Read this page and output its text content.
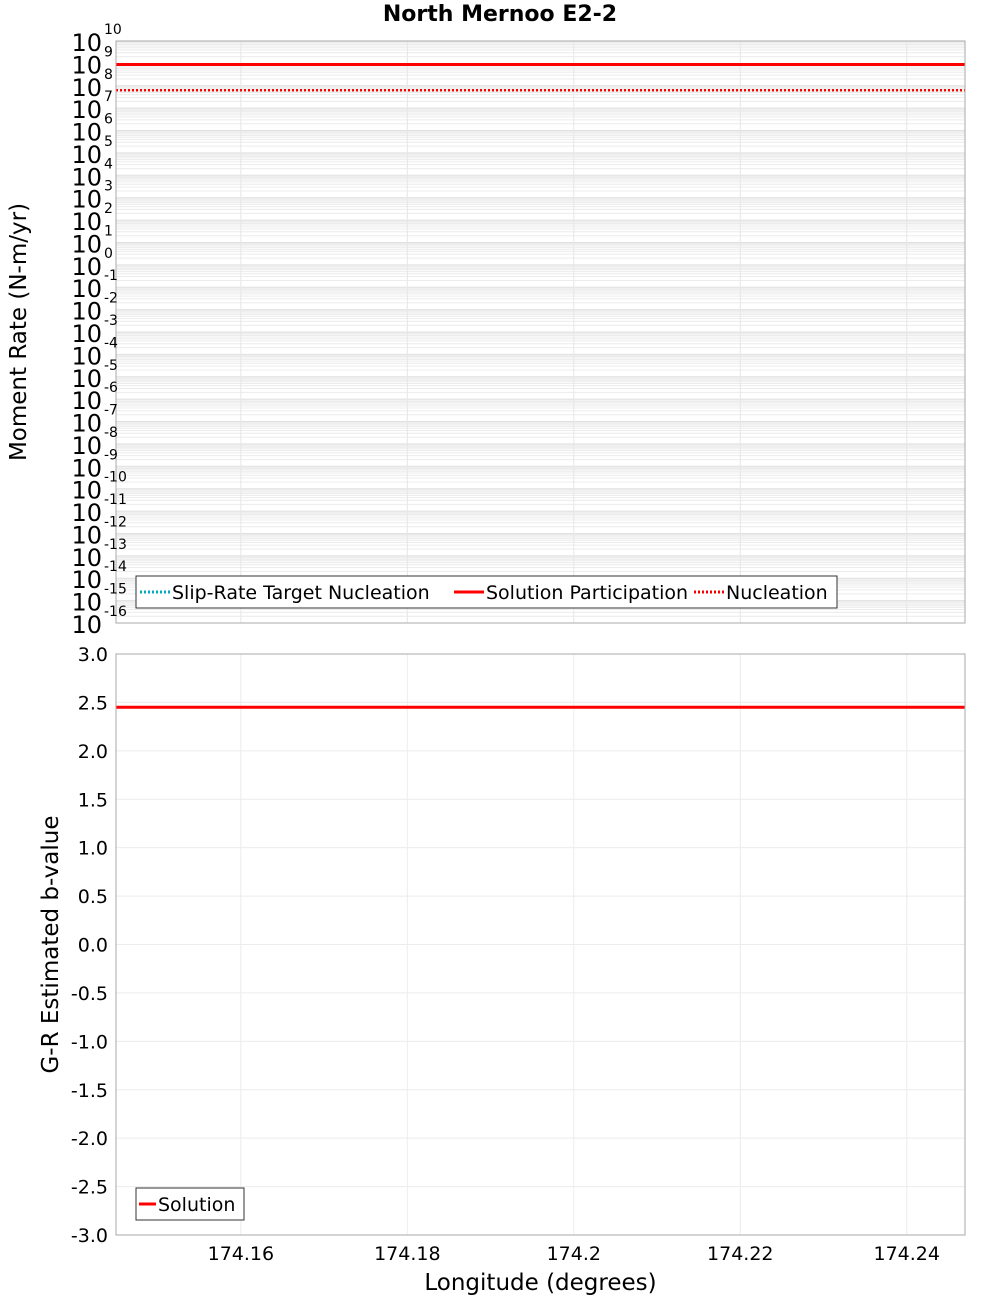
North Mernoo E2-2
10 10
10 9
10 8
10 7
10 6
10 5
10 4
10 3
10 2
10 1
10 0
10 -1
10 -2
10 -3
10 -4
10 -5
10 -6
10 -7
10 -8
10 -9
10 -10
10 -11
10 -12
10 -13
10 -14
10 -15
10 -16
Moment Rate (N-m/yr)
Slip-Rate Target Nucleation	Solution Participation Nucleation
3.0
2.5
2.0
1.5
1.0
0.5
0.0
-0.5
-1.0
-1.5
-2.0
-2.5
-3.0
174.16	174.18	174.2	174.22	174.24
G-R Estimated b-value
Longitude (degrees)
Solution
